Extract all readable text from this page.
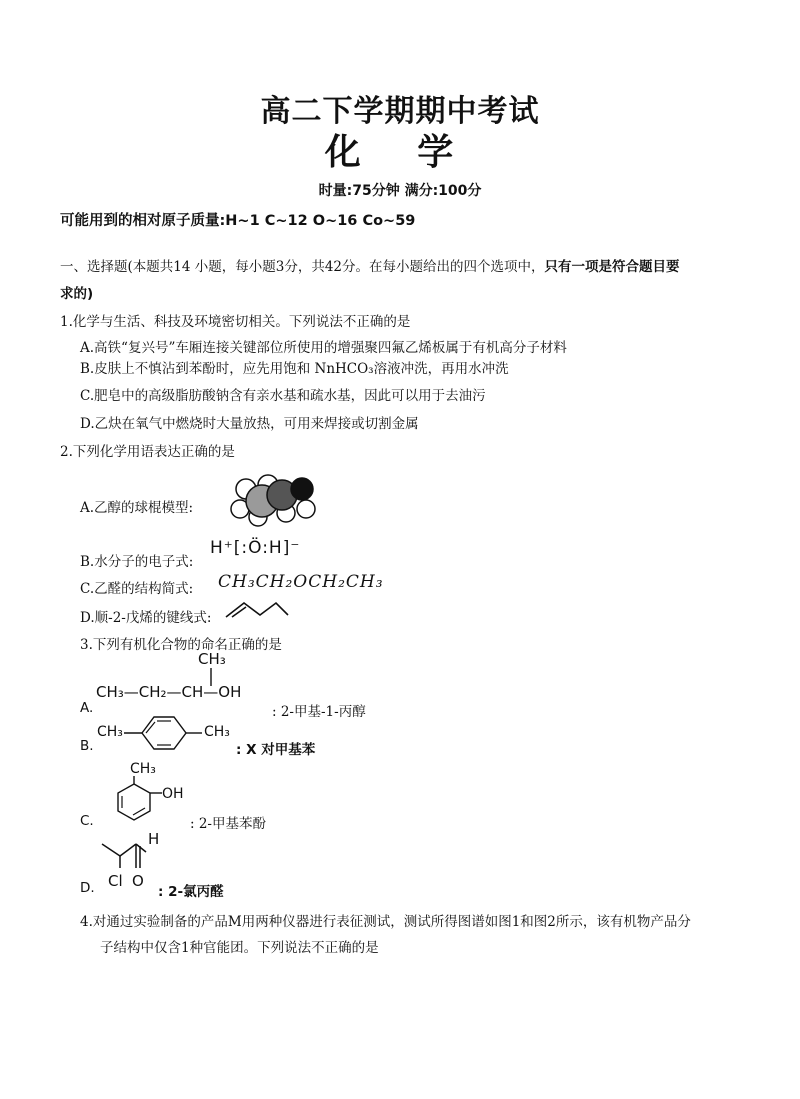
高二下学期期中考试
化 学
时量:75分钟 满分:100分
可能用到的相对原子质量:H~1 C~12 O~16 Co~59
一、选择题(本题共14 小题，每小题3分，共42分。在每小题给出的四个选项中，只有一项是符合题目要
求的)
1.化学与生活、科技及环境密切相关。下列说法不正确的是
A.高铁“复兴号”车厢连接关键部位所使用的增强聚四氟乙烯板属于有机高分子材料
B.皮肤上不慎沾到苯酚时，应先用饱和 NnHCO₃溶液冲洗，再用水冲洗
C.肥皂中的高级脂肪酸钠含有亲水基和疏水基，因此可以用于去油污
D.乙炔在氧气中燃烧时大量放热，可用来焊接或切割金属
2.下列化学用语表达正确的是
A.乙醇的球棍模型:
B.水分子的电子式:
H⁺[:Ö:H]⁻
C.乙醛的结构简式: CH₃CH₂OCH₂CH₃
D.顺-2-戊烯的键线式:
3.下列有机化合物的命名正确的是
A.
CH₃
CH₃—CH₂—CH—OH
: 2-甲基-1-丙醇
B.
CH₃	CH₃
: X 对甲基苯
C.
CH₃
OH
: 2-甲基苯酚
D.
H
Cl O
: 2-氯丙醛
4.对通过实验制备的产品M用两种仪器进行表征测试，测试所得图谱如图1和图2所示，该有机物产品分
子结构中仅含1种官能团。下列说法不正确的是
